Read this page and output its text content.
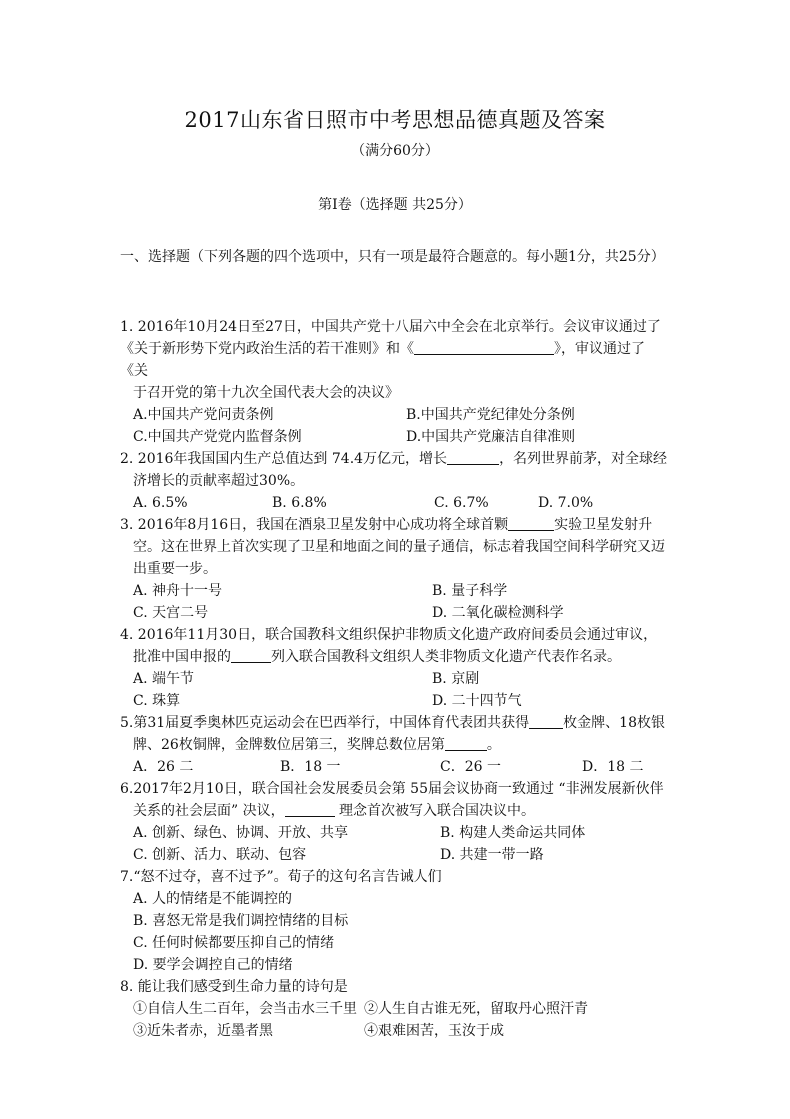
2017山东省日照市中考思想品德真题及答案
（满分60分）
第I卷（选择题 共25分）
一、选择题（下列各题的四个选项中，只有一项是最符合题意的。每小题1分，共25分）
1. 2016年10月24日至27日，中国共产党十八届六中全会在北京举行。会议审议通过了
《关于新形势下党内政治生活的若干准则》和《	》，审议通过了
《关
于召开党的第十九次全国代表大会的决议》
A.中国共产党问责条例	B.中国共产党纪律处分条例
C.中国共产党党内监督条例	D.中国共产党廉洁自律准则
2. 2016年我国国内生产总值达到 74.4万亿元，增长	，名列世界前茅，对全球经
济增长的贡献率超过30%。
A. 6.5%	B. 6.8%	C. 6.7%	D. 7.0%
3. 2016年8月16日，我国在酒泉卫星发射中心成功将全球首颗	实验卫星发射升
空。这在世界上首次实现了卫星和地面之间的量子通信，标志着我国空间科学研究又迈
出重要一步。
A. 神舟十一号	B. 量子科学
C. 天宫二号	D. 二氧化碳检测科学
4. 2016年11月30日，联合国教科文组织保护非物质文化遗产政府间委员会通过审议，
批准中国申报的	列入联合国教科文组织人类非物质文化遗产代表作名录。
A. 端午节	B. 京剧
C. 珠算	D. 二十四节气
5.第31届夏季奥林匹克运动会在巴西举行，中国体育代表团共获得 枚金牌、18枚银
牌、26枚铜牌，金牌数位居第三，奖牌总数位居第	。
A．26 二	B．18 一	C．26 一	D．18 二
6.2017年2月10日，联合国社会发展委员会第 55届会议协商一致通过 “非洲发展新伙伴
关系的社会层面” 决议，	理念首次被写入联合国决议中。
A. 创新、绿色、协调、开放、共享	B. 构建人类命运共同体
C. 创新、活力、联动、包容	D. 共建一带一路
7.“怒不过夺，喜不过予”。荀子的这句名言告诫人们
A. 人的情绪是不能调控的
B. 喜怒无常是我们调控情绪的目标
C. 任何时候都要压抑自己的情绪
D. 要学会调控自己的情绪
8. 能让我们感受到生命力量的诗句是
①自信人生二百年，会当击水三千里 ②人生自古谁无死，留取丹心照汗青
③近朱者赤，近墨者黑	④艰难困苦，玉汝于成
